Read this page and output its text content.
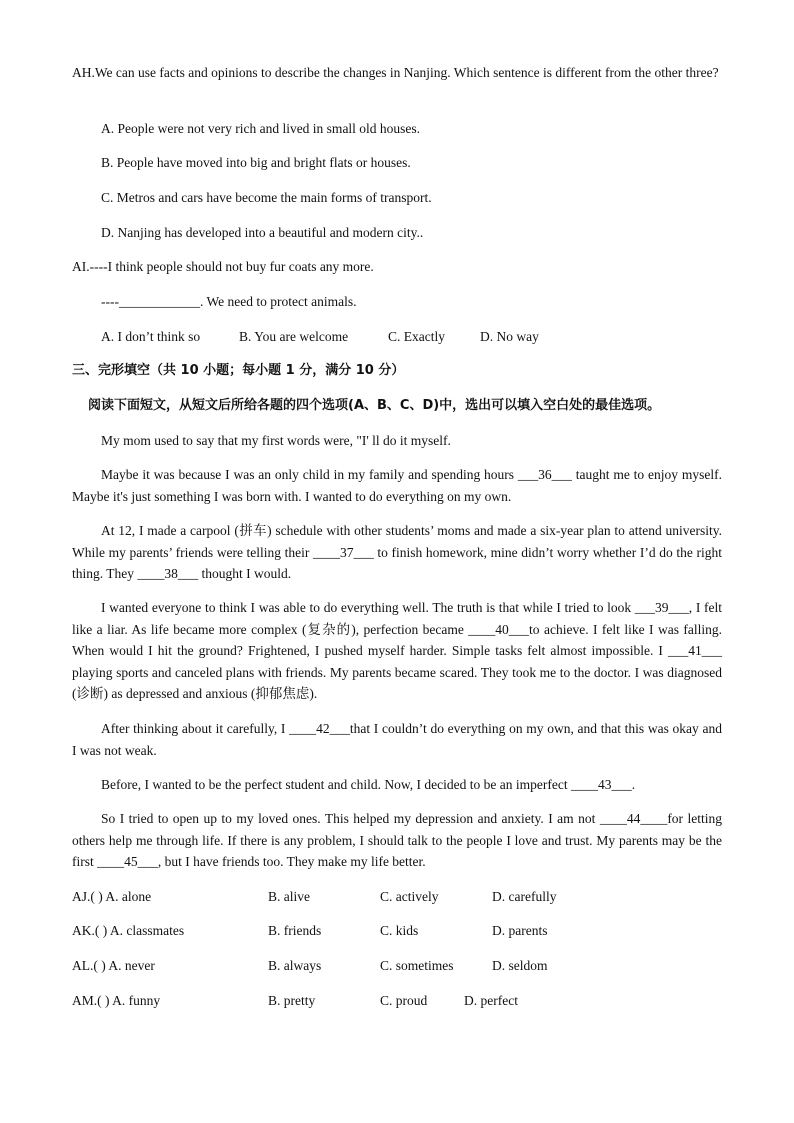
AH.We can use facts and opinions to describe the changes in Nanjing. Which sentence is different from the other three?
A. People were not very rich and lived in small old houses.
B. People have moved into big and bright flats or houses.
C. Metros and cars have become the main forms of transport.
D. Nanjing has developed into a beautiful and modern city..
AI.----I think people should not buy fur coats any more.
----____________. We need to protect animals.
A. I don’t think so	B. You are welcome	C. Exactly	D. No way
三、完形填空（共 10 小题；每小题 1 分，满分 10 分）
阅读下面短文，从短文后所给各题的四个选项(A、B、C、D)中，选出可以填入空白处的最佳选项。
My mom used to say that my first words were, "I' ll do it myself.
Maybe it was because I was an only child in my family and spending hours ___36___ taught me to enjoy myself. Maybe it's just something I was born with. I wanted to do everything on my own.
At 12, I made a carpool (拼车) schedule with other students’ moms and made a six-year plan to attend university. While my parents’ friends were telling their ____37___ to finish homework, mine didn’t worry whether I’d do the right thing. They ____38___ thought I would.
I wanted everyone to think I was able to do everything well. The truth is that while I tried to look ___39___, I felt like a liar. As life became more complex (复杂的), perfection became ____40___to achieve. I felt like I was falling. When would I hit the ground? Frightened, I pushed myself harder. Simple tasks felt almost impossible. I ___41___ playing sports and canceled plans with friends. My parents became scared. They took me to the doctor. I was diagnosed (诊断) as depressed and anxious (抑郁焦虑).
After thinking about it carefully, I ____42___that I couldn’t do everything on my own, and that this was okay and I was not weak.
Before, I wanted to be the perfect student and child. Now, I decided to be an imperfect ____43___.
So I tried to open up to my loved ones. This helped my depression and anxiety. I am not ____44____for letting others help me through life. If there is any problem, I should talk to the people I love and trust. My parents may be the first ____45___, but I have friends too. They make my life better.
AJ.( ) A. alone	B. alive	C. actively	D. carefully
AK.( ) A. classmates	B. friends	C. kids	D. parents
AL.( ) A. never	B. always	C. sometimes	D. seldom
AM.( ) A. funny	B. pretty	C. proud	D. perfect
